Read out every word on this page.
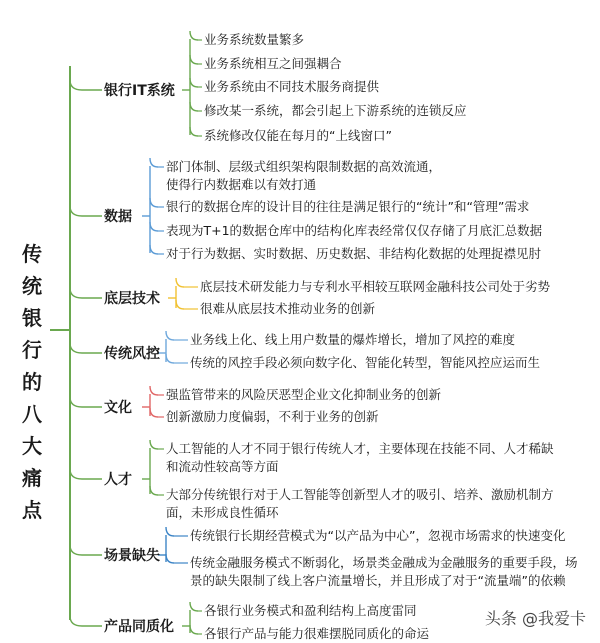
传
统
银
行
的
八
大
痛
点
银行IT系统
业务系统数量繁多
业务系统相互之间强耦合
业务系统由不同技术服务商提供
修改某一系统，都会引起上下游系统的连锁反应
系统修改仅能在每月的“上线窗口”
数据
部门体制、层级式组织架构限制数据的高效流通，
使得行内数据难以有效打通
银行的数据仓库的设计目的往往是满足银行的“统计”和“管理”需求
表现为T+1的数据仓库中的结构化库表经常仅仅存储了月底汇总数据
对于行为数据、实时数据、历史数据、非结构化数据的处理捉襟见肘
底层技术
底层技术研发能力与专利水平相较互联网金融科技公司处于劣势
很难从底层技术推动业务的创新
传统风控
业务线上化、线上用户数量的爆炸增长，增加了风控的难度
传统的风控手段必须向数字化、智能化转型，智能风控应运而生
文化
强监管带来的风险厌恶型企业文化抑制业务的创新
创新激励力度偏弱，不利于业务的创新
人才
人工智能的人才不同于银行传统人才，主要体现在技能不同、人才稀缺
和流动性较高等方面
大部分传统银行对于人工智能等创新型人才的吸引、培养、激励机制方
面，未形成良性循环
场景缺失
传统银行长期经营模式为“以产品为中心”，忽视市场需求的快速变化
传统金融服务模式不断弱化，场景类金融成为金融服务的重要手段，场
景的缺失限制了线上客户流量增长，并且形成了对于“流量端”的依赖
产品同质化
各银行业务模式和盈利结构上高度雷同
各银行产品与能力很难摆脱同质化的命运
头条 @我爱卡
